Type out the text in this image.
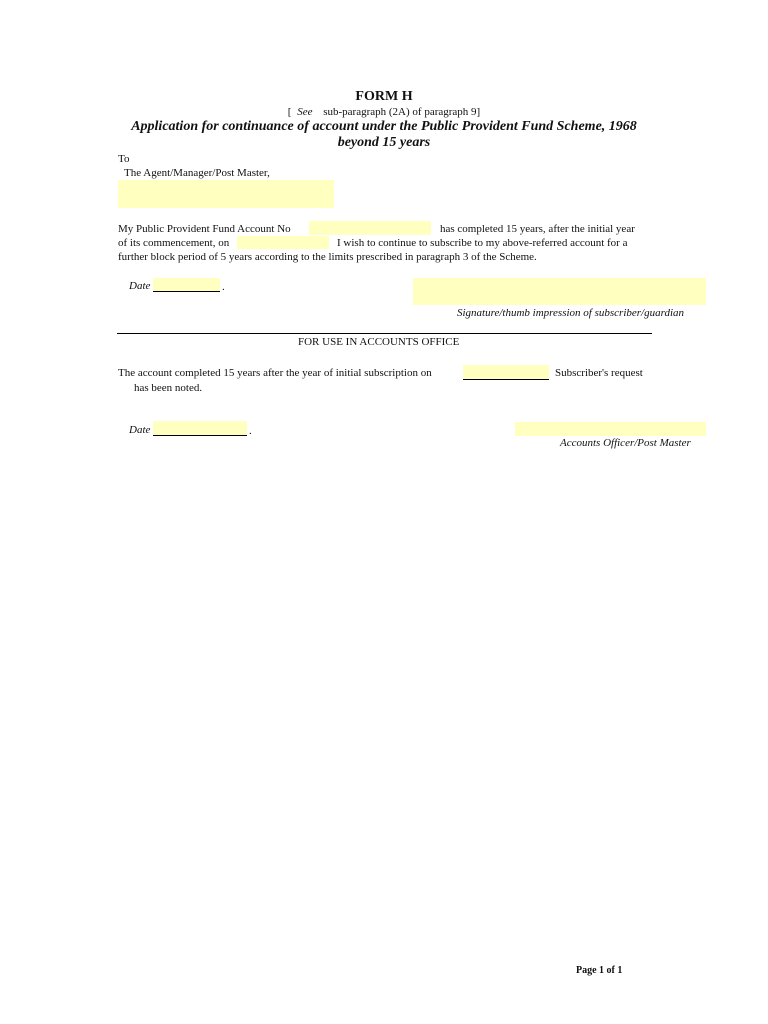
FORM H
[ See sub-paragraph (2A) of paragraph 9]
Application for continuance of account under the Public Provident Fund Scheme, 1968
beyond 15 years
To
The Agent/Manager/Post Master,
My Public Provident Fund Account No	has completed 15 years, after the initial year
of its commencement, on	I wish to continue to subscribe to my above-referred account for a
further block period of 5 years according to the limits prescribed in paragraph 3 of the Scheme.
Date	.
Signature/thumb impression of subscriber/guardian
FOR USE IN ACCOUNTS OFFICE
The account completed 15 years after the year of initial subscription on	Subscriber's request
has been noted.
Date	.
Accounts Officer/Post Master
Page 1 of 1
